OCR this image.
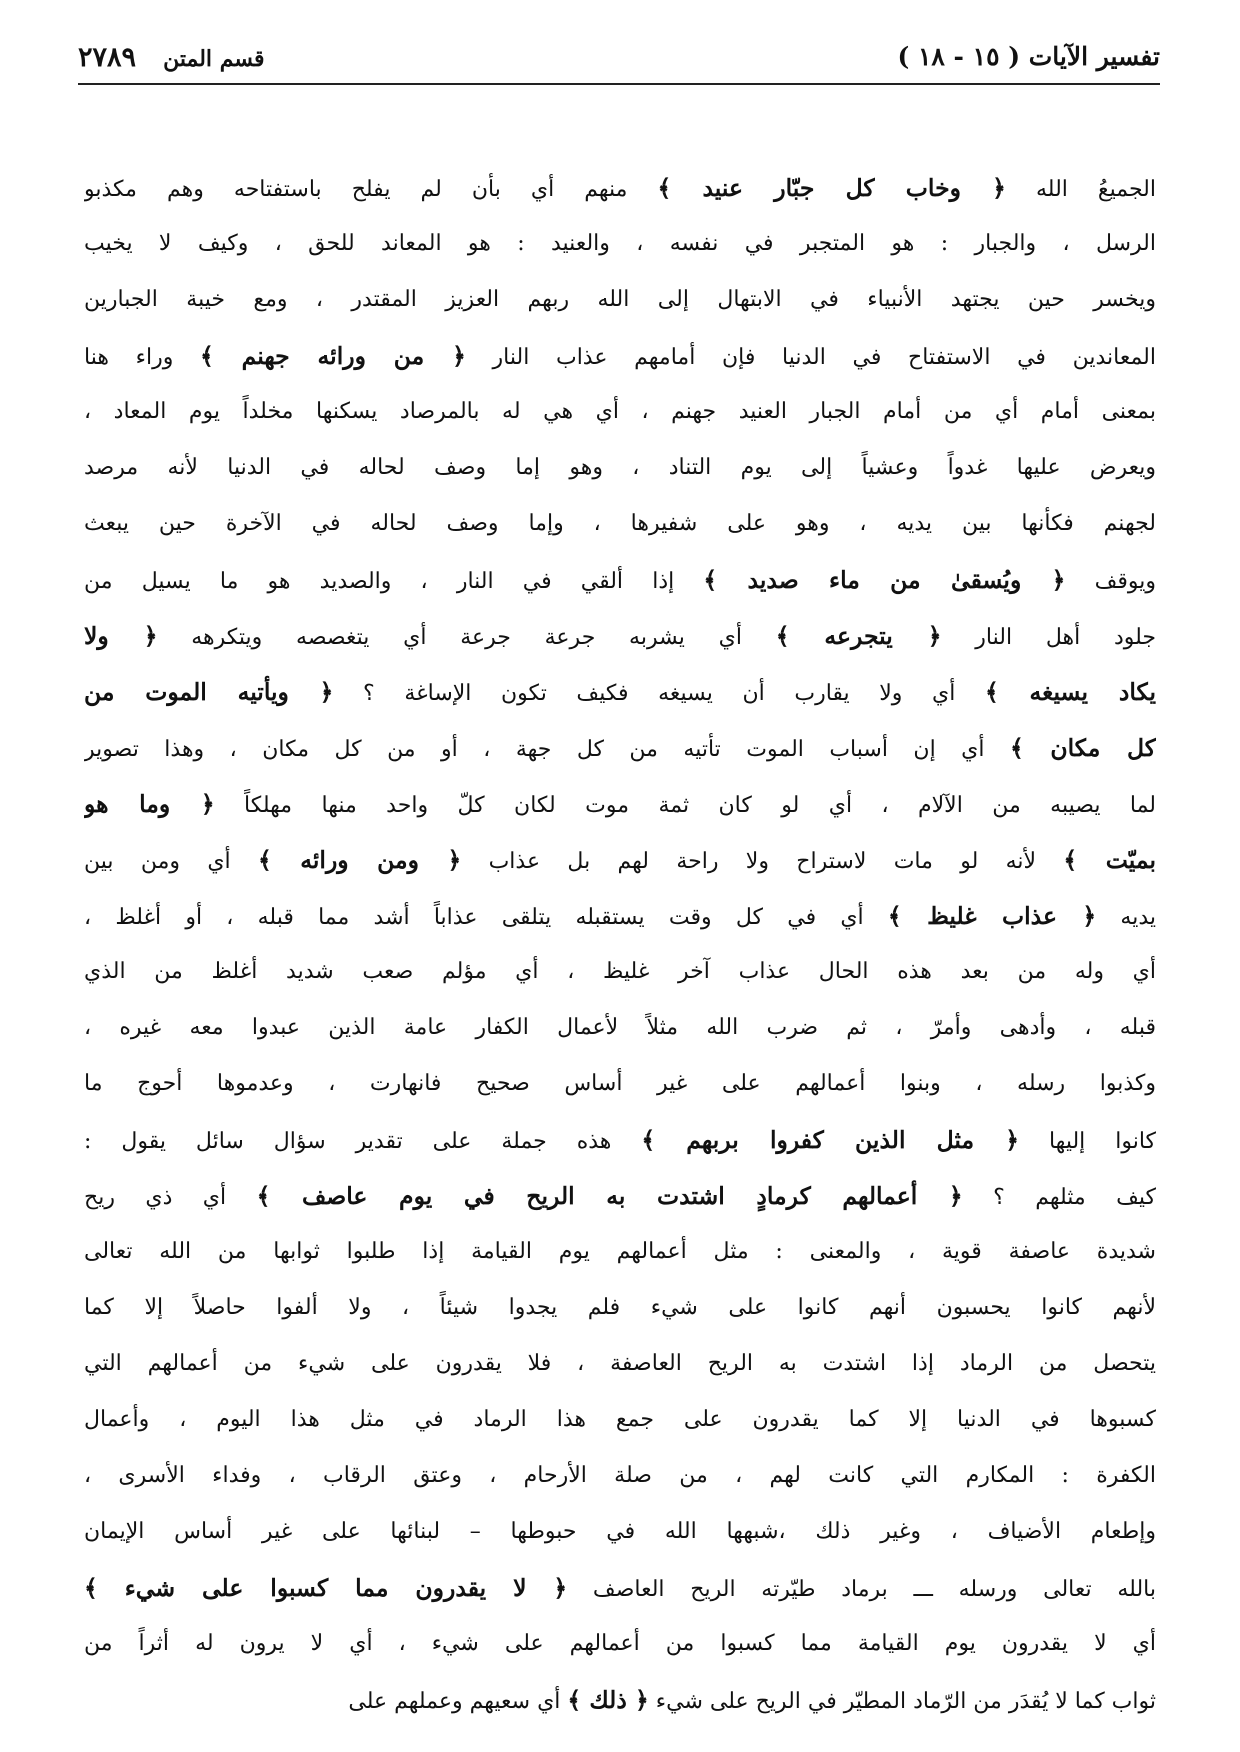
تفسير الآيات ( ١٥ - ١٨ )
قسم المتن ٢٧٨٩
الجميعُ الله ﴿ وخاب كل جبّار عنيد ﴾ منهم أي بأن لم يفلح باستفتاحه وهم مكذبو
الرسل ، والجبار : هو المتجبر في نفسه ، والعنيد : هو المعاند للحق ، وكيف لا يخيب
ويخسر حين يجتهد الأنبياء في الابتهال إلى الله ربهم العزيز المقتدر ، ومع خيبة الجبارين
المعاندين في الاستفتاح في الدنيا فإن أمامهم عذاب النار ﴿ من ورائه جهنم ﴾ وراء هنا
بمعنى أمام أي من أمام الجبار العنيد جهنم ، أي هي له بالمرصاد يسكنها مخلداً يوم المعاد ،
ويعرض عليها غدواً وعشياً إلى يوم التناد ، وهو إما وصف لحاله في الدنيا لأنه مرصد
لجهنم فكأنها بين يديه ، وهو على شفيرها ، وإما وصف لحاله في الآخرة حين يبعث
ويوقف ﴿ ويُسقىٰ من ماء صديد ﴾ إذا ألقي في النار ، والصديد هو ما يسيل من
جلود أهل النار ﴿ يتجرعه ﴾ أي يشربه جرعة جرعة أي يتغصصه ويتكرهه ﴿ ولا
يكاد يسيغه ﴾ أي ولا يقارب أن يسيغه فكيف تكون الإساغة ؟ ﴿ ويأتيه الموت من
كل مكان ﴾ أي إن أسباب الموت تأتيه من كل جهة ، أو من كل مكان ، وهذا تصوير
لما يصيبه من الآلام ، أي لو كان ثمة موت لكان كلّ واحد منها مهلكاً ﴿ وما هو
بميّت ﴾ لأنه لو مات لاستراح ولا راحة لهم بل عذاب ﴿ ومن ورائه ﴾ أي ومن بين
يديه ﴿ عذاب غليظ ﴾ أي في كل وقت يستقبله يتلقى عذاباً أشد مما قبله ، أو أغلظ ،
أي وله من بعد هذه الحال عذاب آخر غليظ ، أي مؤلم صعب شديد أغلظ من الذي
قبله ، وأدهى وأمرّ ، ثم ضرب الله مثلاً لأعمال الكفار عامة الذين عبدوا معه غيره ،
وكذبوا رسله ، وبنوا أعمالهم على غير أساس صحيح فانهارت ، وعدموها أحوج ما
كانوا إليها ﴿ مثل الذين كفروا بربهم ﴾ هذه جملة على تقدير سؤال سائل يقول :
كيف مثلهم ؟ ﴿ أعمالهم كرمادٍ اشتدت به الريح في يوم عاصف ﴾ أي ذي ريح
شديدة عاصفة قوية ، والمعنى : مثل أعمالهم يوم القيامة إذا طلبوا ثوابها من الله تعالى
لأنهم كانوا يحسبون أنهم كانوا على شيء فلم يجدوا شيئاً ، ولا ألفوا حاصلاً إلا كما
يتحصل من الرماد إذا اشتدت به الريح العاصفة ، فلا يقدرون على شيء من أعمالهم التي
كسبوها في الدنيا إلا كما يقدرون على جمع هذا الرماد في مثل هذا اليوم ، وأعمال
الكفرة : المكارم التي كانت لهم ، من صلة الأرحام ، وعتق الرقاب ، وفداء الأسرى ،
وإطعام الأضياف ، وغير ذلك ،شبهها الله في حبوطها – لبنائها على غير أساس الإيمان
بالله تعالى ورسله ـــ برماد طيّرته الريح العاصف ﴿ لا يقدرون مما كسبوا على شيء ﴾
أي لا يقدرون يوم القيامة مما كسبوا من أعمالهم على شيء ، أي لا يرون له أثراً من
ثواب كما لا يُقدَر من الرّماد المطيّر في الريح على شيء ﴿ ذلك ﴾ أي سعيهم وعملهم على
